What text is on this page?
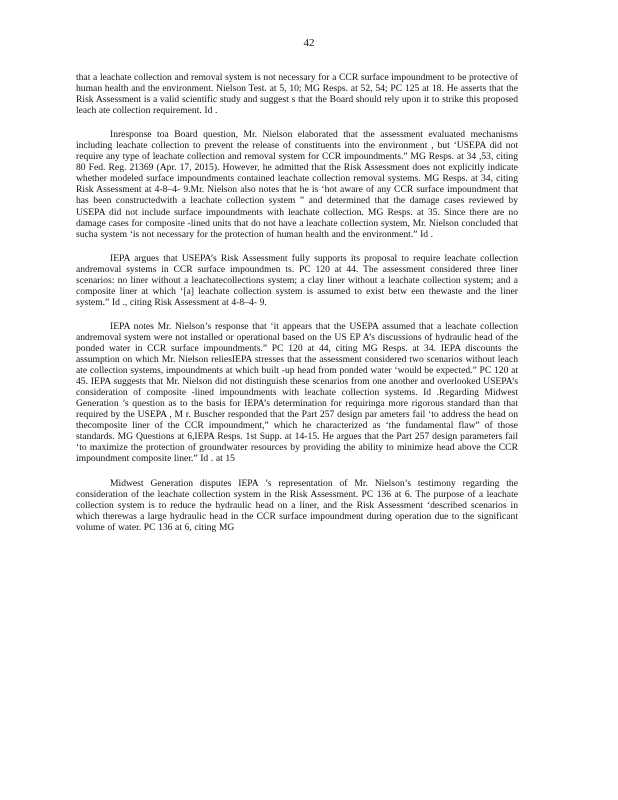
42

that a leachate collection and removal system is not necessary for a CCR surface impoundment to be protective of human health and the environment. Nielson Test. at 5, 10; MG Resps. at 52, 54; PC 125 at 18. He asserts that the Risk Assessment is a valid scientific study and suggest s that the Board should rely upon it to strike this proposed leach ate collection requirement. Id .

Inresponse toa Board question, Mr. Nielson elaborated that the assessment evaluated mechanisms including leachate collection to prevent the release of constituents into the environment , but ‘USEPA did not require any type of leachate collection and removal system for CCR impoundments.” MG Resps. at 34 ,53, citing 80 Fed. Reg. 21369 (Apr. 17, 2015). However, he admitted that the Risk Assessment does not explicitly indicate whether modeled surface impoundments contained leachate collection removal systems. MG Resps. at 34, citing Risk Assessment at 4-8–4- 9.Mr. Nielson also notes that he is ‘hot aware of any CCR surface impoundment that has been constructedwith a leachate collection system ” and determined that the damage cases reviewed by USEPA did not include surface impoundments with leachate collection. MG Resps. at 35. Since there are no damage cases for composite -lined units that do not have a leachate collection system, Mr. Nielson concluded that sucha system ‘is not necessary for the protection of human health and the environment.” Id .

IEPA argues that USEPA’s Risk Assessment fully supports its proposal to require leachate collection andremoval systems in CCR surface impoundmen ts. PC 120 at 44. The assessment considered three liner scenarios: no liner without a leachatecollections system; a clay liner without a leachate collection system; and a composite liner at which ‘[a] leachate collection system is assumed to exist betw een thewaste and the liner system.” Id ., citing Risk Assessment at 4-8–4- 9.

IEPA notes Mr. Nielson’s response that ‘it appears that the USEPA assumed that a leachate collection andremoval system were not installed or operational based on the US EP A’s discussions of hydraulic head of the ponded water in CCR surface impoundments.” PC 120 at 44, citing MG Resps. at 34. IEPA discounts the assumption on which Mr. Nielson reliesIEPA stresses that the assessment considered two scenarios without leach ate collection systems, impoundments at which built -up head from ponded water ‘would be expected.” PC 120 at 45. IEPA suggests that Mr. Nielson did not distinguish these scenarios from one another and overlooked USEPA’s consideration of composite -lined impoundments with leachate collection systems. Id .Regarding Midwest Generation ’s question as to the basis for IEPA’s determination for requiringa more rigorous standard than that required by the USEPA , M r. Buscher responded that the Part 257 design par ameters fail ‘to address the head on thecomposite liner of the CCR impoundment,” which he characterized as ‘the fundamental flaw” of those standards. MG Questions at 6,IEPA Resps. 1st Supp. at 14-15. He argues that the Part 257 design parameters fail ‘to maximize the protection of groundwater resources by providing the ability to minimize head above the CCR impoundment composite liner.” Id . at 15

Midwest Generation disputes IEPA ’s representation of Mr. Nielson’s testimony regarding the consideration of the leachate collection system in the Risk Assessment. PC 136 at 6. The purpose of a leachate collection system is to reduce the hydraulic head on a liner, and the Risk Assessment ‘described scenarios in which therewas a large hydraulic head in the CCR surface impoundment during operation due to the significant volume of water. PC 136 at 6, citing MG
